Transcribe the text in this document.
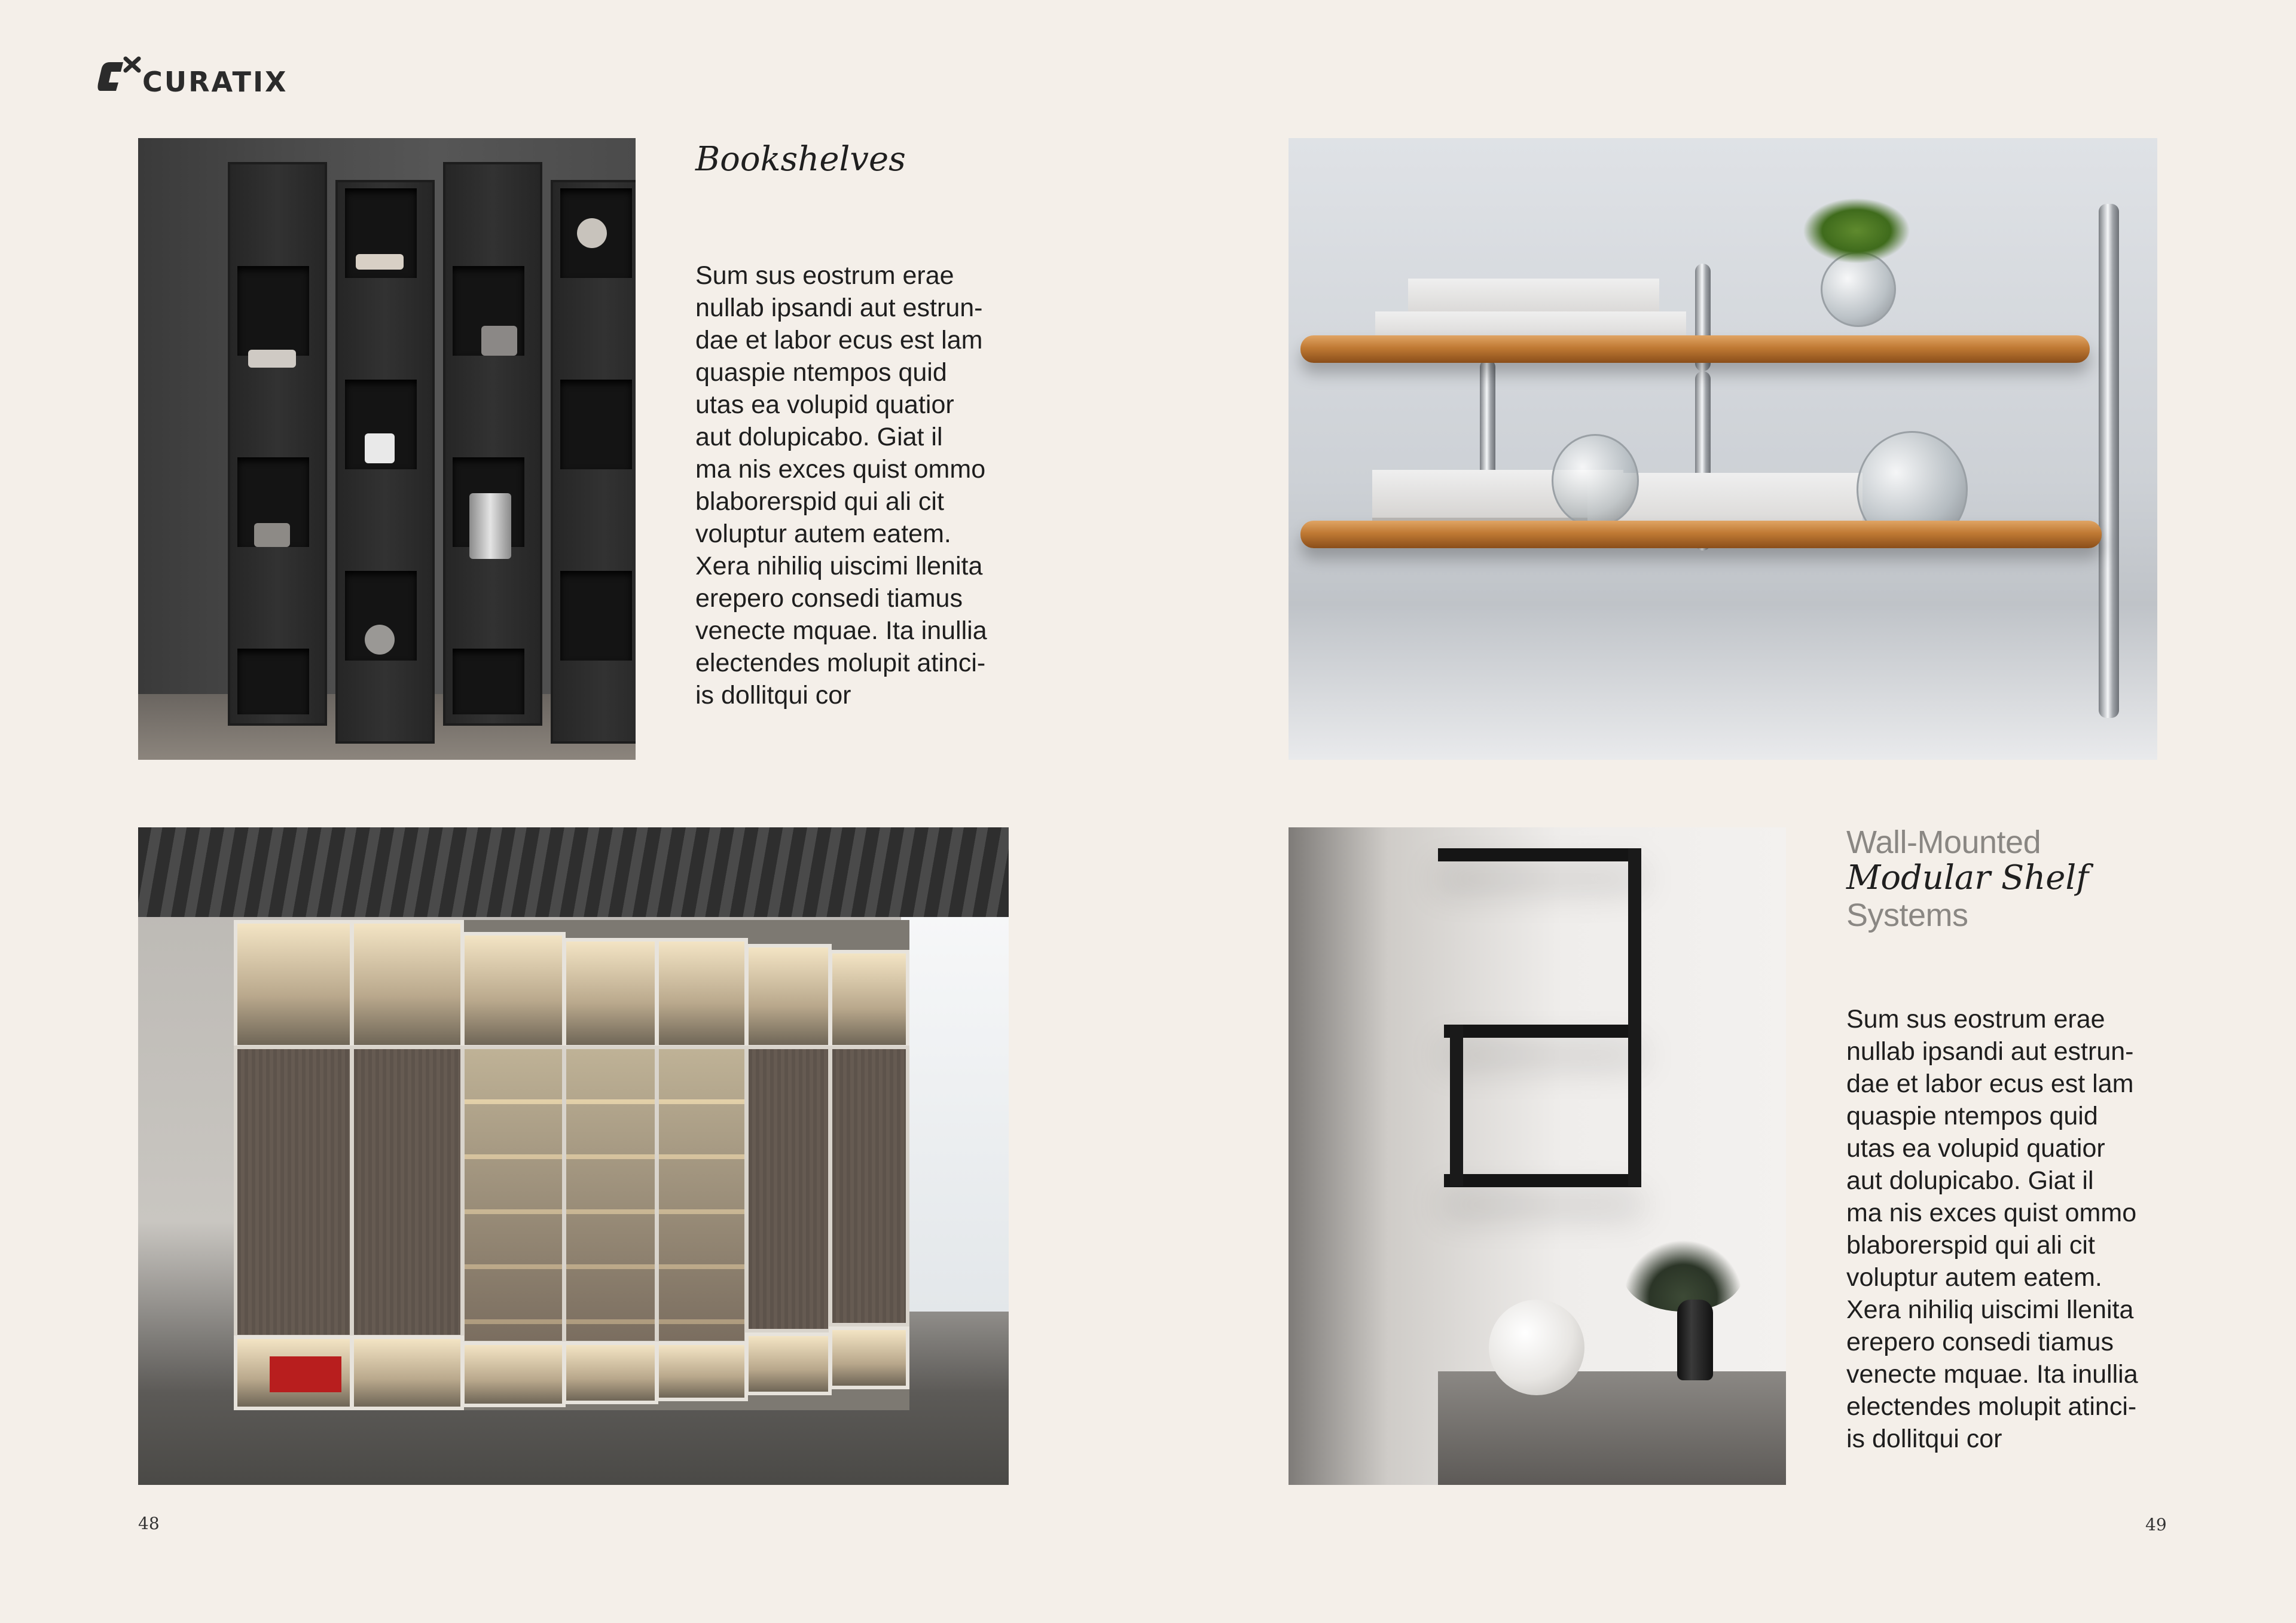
CURATIX
Bookshelves

Sum sus eostrum erae
nullab ipsandi aut estrun-
dae et labor ecus est lam
quaspie ntempos quid
utas ea volupid quatior
aut dolupicabo. Giat il
ma nis exces quist ommo
blaborerspid qui ali cit
voluptur autem eatem.
Xera nihiliq uiscimi llenita
erepero consedi tiamus
venecte mquae. Ita inullia
electendes molupit atinci-
is dollitqui cor

Wall-Mounted
Modular Shelf
Systems

Sum sus eostrum erae
nullab ipsandi aut estrun-
dae et labor ecus est lam
quaspie ntempos quid
utas ea volupid quatior
aut dolupicabo. Giat il
ma nis exces quist ommo
blaborerspid qui ali cit
voluptur autem eatem.
Xera nihiliq uiscimi llenita
erepero consedi tiamus
venecte mquae. Ita inullia
electendes molupit atinci-
is dollitqui cor

48	49
